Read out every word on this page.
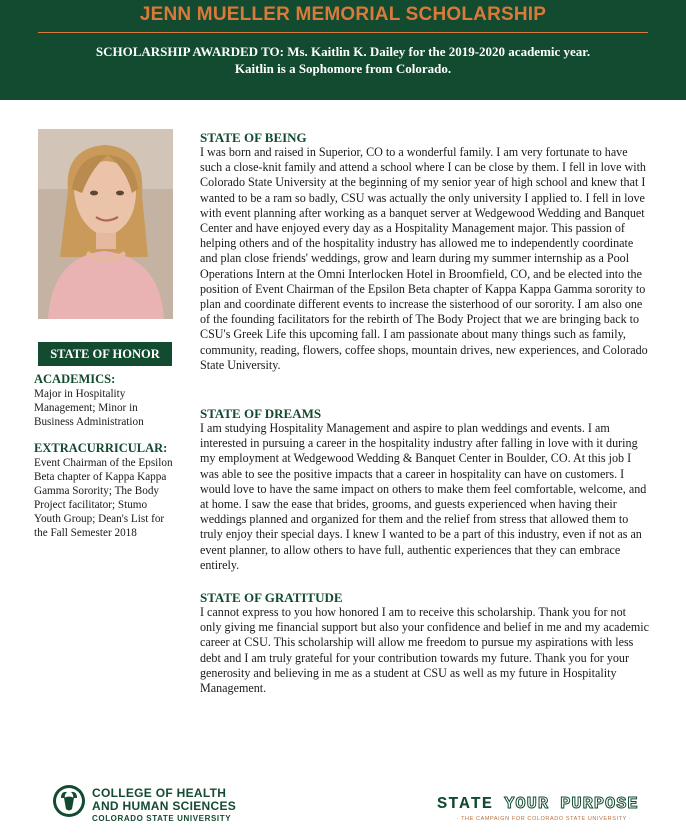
JENN MUELLER MEMORIAL SCHOLARSHIP
SCHOLARSHIP AWARDED TO: Ms. Kaitlin K. Dailey for the 2019-2020 academic year.
Kaitlin is a Sophomore from Colorado.
STATE OF HONOR
ACADEMICS:
Major in Hospitality Management; Minor in Business Administration
EXTRACURRICULAR:
Event Chairman of the Epsilon Beta chapter of Kappa Kappa Gamma Sorority; The Body Project facilitator; Stumo Youth Group; Dean's List for the Fall Semester 2018
STATE OF BEING
I was born and raised in Superior, CO to a wonderful family. I am very fortunate to have such a close-knit family and attend a school where I can be close by them. I fell in love with Colorado State University at the beginning of my senior year of high school and knew that I wanted to be a ram so badly, CSU was actually the only university I applied to. I fell in love with event planning after working as a banquet server at Wedgewood Wedding and Banquet Center and have enjoyed every day as a Hospitality Management major. This passion of helping others and of the hospitality industry has allowed me to independently coordinate and plan close friends' weddings, grow and learn during my summer internship as a Pool Operations Intern at the Omni Interlocken Hotel in Broomfield, CO, and be elected into the position of Event Chairman of the Epsilon Beta chapter of Kappa Kappa Gamma sorority to plan and coordinate different events to increase the sisterhood of our sorority. I am also one of the founding facilitators for the rebirth of The Body Project that we are bringing back to CSU's Greek Life this upcoming fall. I am passionate about many things such as family, community, reading, flowers, coffee shops, mountain drives, new experiences, and Colorado State University.
STATE OF DREAMS
I am studying Hospitality Management and aspire to plan weddings and events. I am interested in pursuing a career in the hospitality industry after falling in love with it during my employment at Wedgewood Wedding & Banquet Center in Boulder, CO. At this job I was able to see the positive impacts that a career in hospitality can have on customers. I would love to have the same impact on others to make them feel comfortable, welcome, and at home. I saw the ease that brides, grooms, and guests experienced when having their weddings planned and organized for them and the relief from stress that allowed them to truly enjoy their special days. I knew I wanted to be a part of this industry, even if not as an event planner, to allow others to have full, authentic experiences that they can embrace entirely.
STATE OF GRATITUDE
I cannot express to you how honored I am to receive this scholarship. Thank you for not only giving me financial support but also your confidence and belief in me and my academic career at CSU. This scholarship will allow me freedom to pursue my aspirations with less debt and I am truly grateful for your contribution towards my future. Thank you for your generosity and believing in me as a student at CSU as well as my future in Hospitality Management.
COLLEGE OF HEALTH
AND HUMAN SCIENCES
COLORADO STATE UNIVERSITY
STATE YOUR PURPOSE
· THE CAMPAIGN FOR COLORADO STATE UNIVERSITY ·
